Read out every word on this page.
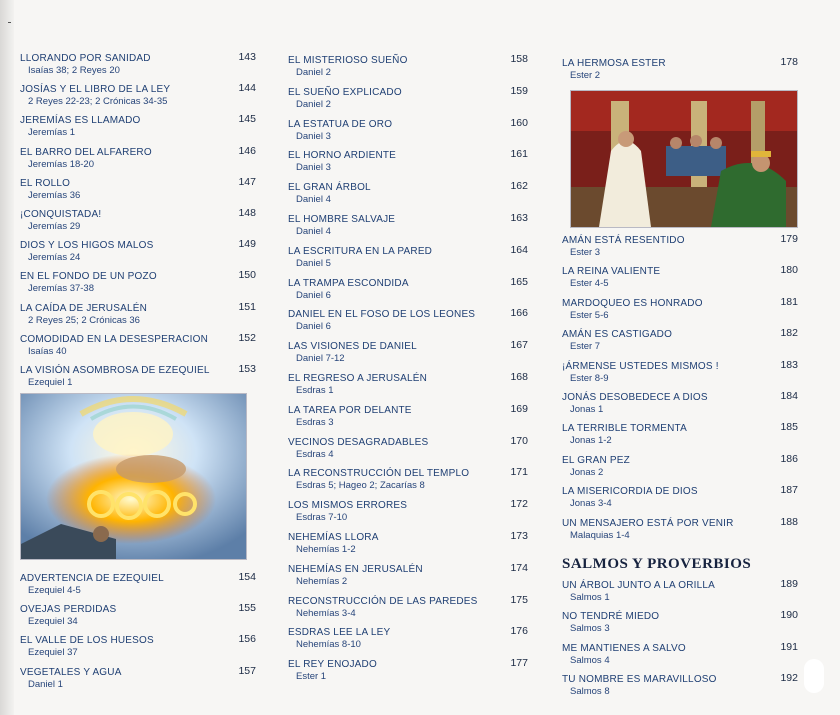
LLORANDO POR SANIDAD
Isaías 38; 2 Reyes 20
143
JOSÍAS Y EL LIBRO DE LA LEY
2 Reyes 22-23; 2 Crónicas 34-35
144
JEREMÍAS ES LLAMADO
Jeremías 1
145
EL BARRO DEL ALFARERO
Jeremías 18-20
146
EL ROLLO
Jeremías 36
147
¡CONQUISTADA!
Jeremías 29
148
DIOS Y LOS HIGOS MALOS
Jeremías 24
149
EN EL FONDO DE UN POZO
Jeremías 37-38
150
LA CAÍDA DE JERUSALÉN
2 Reyes 25; 2 Crónicas 36
151
COMODIDAD EN LA DESESPERACION
Isaías 40
152
LA VISIÓN ASOMBROSA DE EZEQUIEL
Ezequiel 1
153
ADVERTENCIA DE EZEQUIEL
Ezequiel 4-5
154
OVEJAS PERDIDAS
Ezequiel 34
155
EL VALLE DE LOS HUESOS
Ezequiel 37
156
VEGETALES Y AGUA
Daniel 1
157
EL MISTERIOSO SUEÑO
Daniel 2
158
EL SUEÑO EXPLICADO
Daniel 2
159
LA ESTATUA DE ORO
Daniel 3
160
EL HORNO ARDIENTE
Daniel 3
161
EL GRAN ÁRBOL
Daniel 4
162
EL HOMBRE SALVAJE
Daniel 4
163
LA ESCRITURA EN LA PARED
Daniel 5
164
LA TRAMPA ESCONDIDA
Daniel 6
165
DANIEL EN EL FOSO DE LOS LEONES
Daniel 6
166
LAS VISIONES DE DANIEL
Daniel 7-12
167
EL REGRESO A JERUSALÉN
Esdras 1
168
LA TAREA POR DELANTE
Esdras 3
169
VECINOS DESAGRADABLES
Esdras 4
170
LA RECONSTRUCCIÓN DEL TEMPLO
Esdras 5; Hageo 2; Zacarías 8
171
LOS MISMOS ERRORES
Esdras 7-10
172
NEHEMÍAS LLORA
Nehemías 1-2
173
NEHEMÍAS EN JERUSALÉN
Nehemías 2
174
RECONSTRUCCIÓN DE LAS PAREDES
Nehemías 3-4
175
ESDRAS LEE LA LEY
Nehemías 8-10
176
EL REY ENOJADO
Ester 1
177
LA HERMOSA ESTER
Ester 2
178
AMÁN ESTÁ RESENTIDO
Ester 3
179
LA REINA VALIENTE
Ester 4-5
180
MARDOQUEO ES HONRADO
Ester 5-6
181
AMÁN ES CASTIGADO
Ester 7
182
¡ÁRMENSE USTEDES MISMOS !
Ester 8-9
183
JONÁS DESOBEDECE A DIOS
Jonas 1
184
LA TERRIBLE TORMENTA
Jonas 1-2
185
EL GRAN PEZ
Jonas 2
186
LA MISERICORDIA DE DIOS
Jonas 3-4
187
UN MENSAJERO ESTÁ POR VENIR
Malaquias 1-4
188
SALMOS Y PROVERBIOS
UN ÁRBOL JUNTO A LA ORILLA
Salmos 1
189
NO TENDRÉ MIEDO
Salmos 3
190
ME MANTIENES A SALVO
Salmos 4
191
TU NOMBRE ES MARAVILLOSO
Salmos 8
192
